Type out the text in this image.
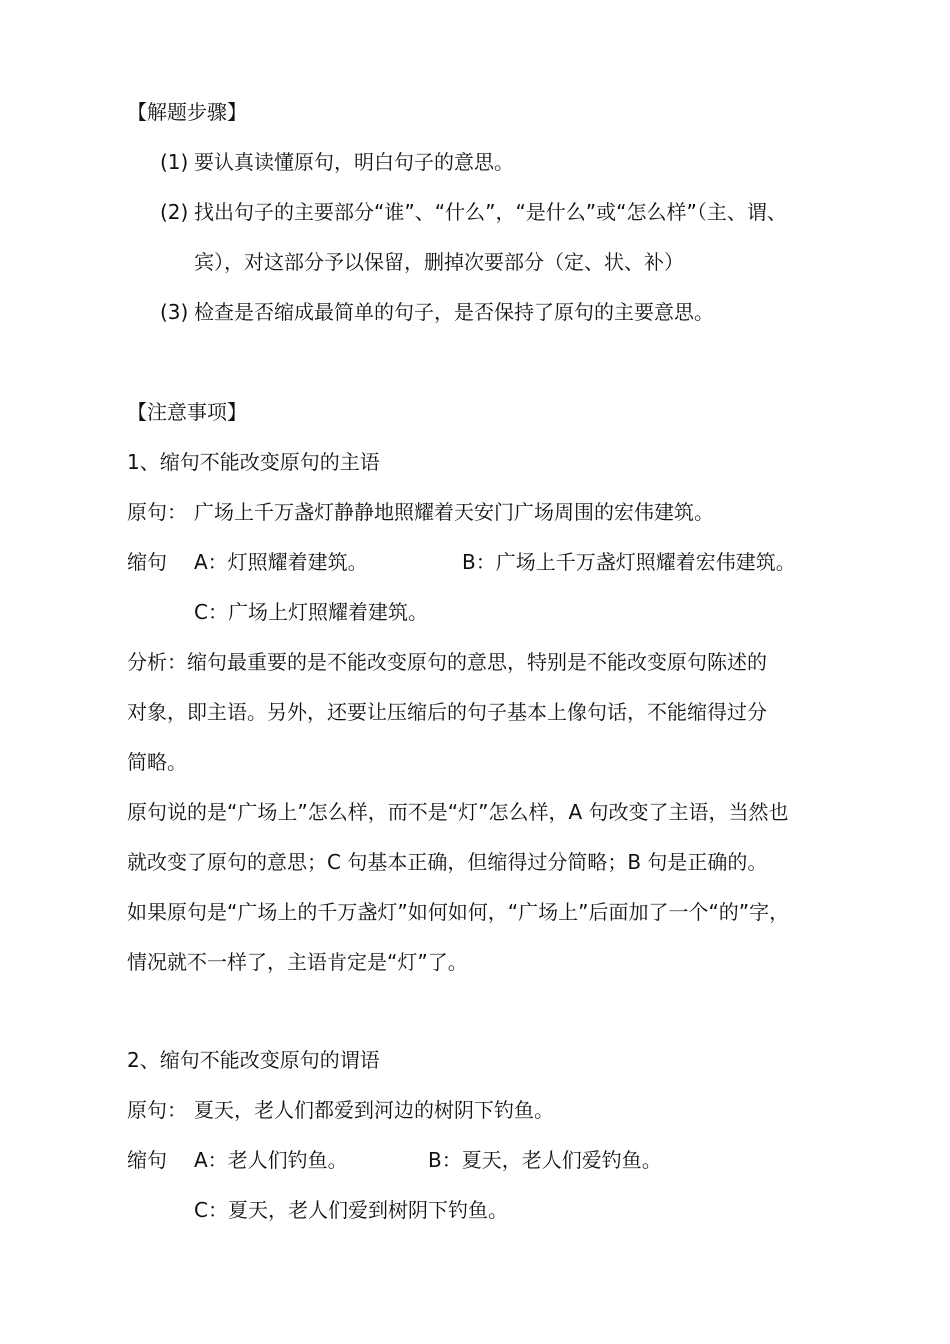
【解题步骤】
(1) 要认真读懂原句，明白句子的意思。
(2) 找出句子的主要部分“谁”、“什么”，“是什么”或“怎么样”（主、谓、
宾），对这部分予以保留，删掉次要部分（定、状、补）
(3) 检查是否缩成最简单的句子，是否保持了原句的主要意思。
【注意事项】
1、缩句不能改变原句的主语
原句： 广场上千万盏灯静静地照耀着天安门广场周围的宏伟建筑。
缩句 A：灯照耀着建筑。	B：广场上千万盏灯照耀着宏伟建筑。
C：广场上灯照耀着建筑。
分析：缩句最重要的是不能改变原句的意思，特别是不能改变原句陈述的
对象，即主语。另外，还要让压缩后的句子基本上像句话，不能缩得过分
简略。
原句说的是“广场上”怎么样，而不是“灯”怎么样，A 句改变了主语，当然也
就改变了原句的意思；C 句基本正确，但缩得过分简略；B 句是正确的。
如果原句是“广场上的千万盏灯”如何如何，“广场上”后面加了一个“的”字，
情况就不一样了，主语肯定是“灯”了。
2、缩句不能改变原句的谓语
原句： 夏天，老人们都爱到河边的树阴下钓鱼。
缩句 A：老人们钓鱼。	B：夏天，老人们爱钓鱼。
C：夏天，老人们爱到树阴下钓鱼。
